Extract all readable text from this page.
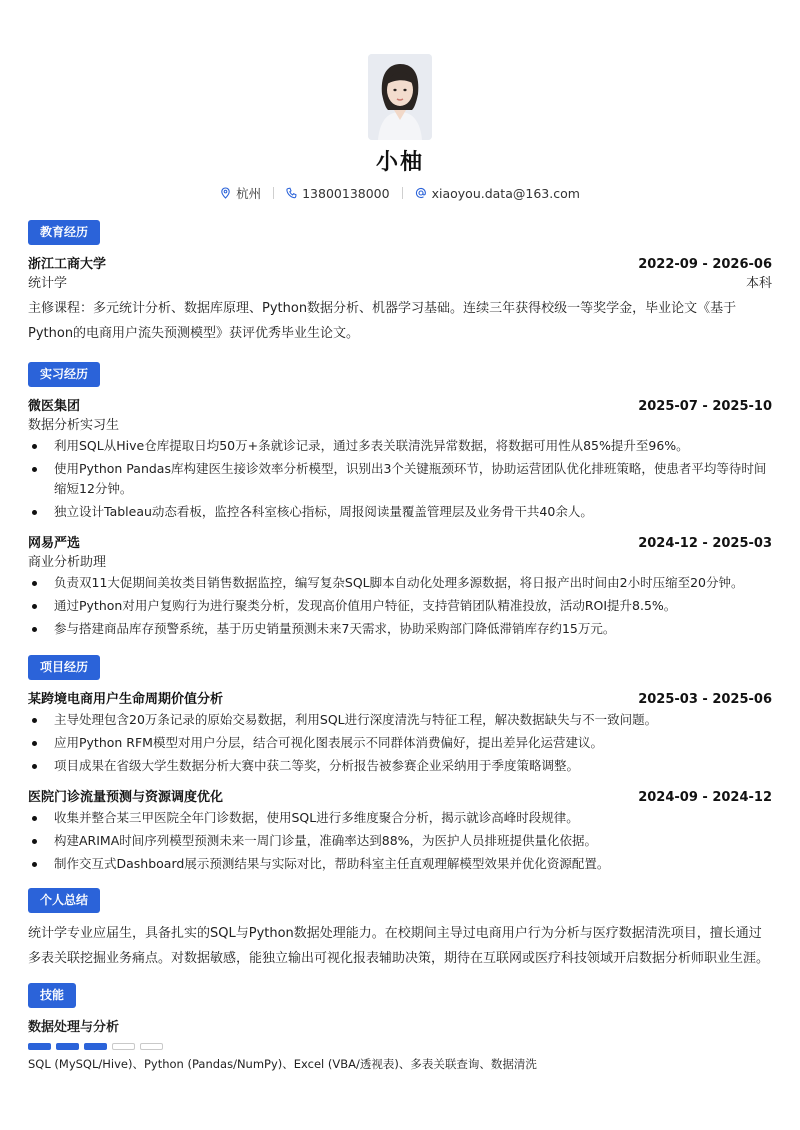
小柚
杭州	13800138000	xiaoyou.data@163.com
教育经历
浙江工商大学	2022-09 - 2026-06
统计学	本科

主修课程：多元统计分析、数据库原理、Python数据分析、机器学习基础。连续三年获得校级一等奖学金，毕业论文《基于Python的电商用户流失预测模型》获评优秀毕业生论文。

实习经历
微医集团	2025-07 - 2025-10
数据分析实习生
利用SQL从Hive仓库提取日均50万+条就诊记录，通过多表关联清洗异常数据，将数据可用性从85%提升至96%。
使用Python Pandas库构建医生接诊效率分析模型，识别出3个关键瓶颈环节，协助运营团队优化排班策略，使患者平均等待时间缩短12分钟。
独立设计Tableau动态看板，监控各科室核心指标，周报阅读量覆盖管理层及业务骨干共40余人。
网易严选	2024-12 - 2025-03
商业分析助理
负责双11大促期间美妆类目销售数据监控，编写复杂SQL脚本自动化处理多源数据，将日报产出时间由2小时压缩至20分钟。
通过Python对用户复购行为进行聚类分析，发现高价值用户特征，支持营销团队精准投放，活动ROI提升8.5%。
参与搭建商品库存预警系统，基于历史销量预测未来7天需求，协助采购部门降低滞销库存约15万元。
项目经历
某跨境电商用户生命周期价值分析	2025-03 - 2025-06
主导处理包含20万条记录的原始交易数据，利用SQL进行深度清洗与特征工程，解决数据缺失与不一致问题。
应用Python RFM模型对用户分层，结合可视化图表展示不同群体消费偏好，提出差异化运营建议。
项目成果在省级大学生数据分析大赛中获二等奖，分析报告被参赛企业采纳用于季度策略调整。
医院门诊流量预测与资源调度优化	2024-09 - 2024-12
收集并整合某三甲医院全年门诊数据，使用SQL进行多维度聚合分析，揭示就诊高峰时段规律。
构建ARIMA时间序列模型预测未来一周门诊量，准确率达到88%，为医护人员排班提供量化依据。
制作交互式Dashboard展示预测结果与实际对比，帮助科室主任直观理解模型效果并优化资源配置。
个人总结

统计学专业应届生，具备扎实的SQL与Python数据处理能力。在校期间主导过电商用户行为分析与医疗数据清洗项目，擅长通过多表关联挖掘业务痛点。对数据敏感，能独立输出可视化报表辅助决策，期待在互联网或医疗科技领域开启数据分析师职业生涯。

技能
数据处理与分析
SQL (MySQL/Hive)、Python (Pandas/NumPy)、Excel (VBA/透视表)、多表关联查询、数据清洗
